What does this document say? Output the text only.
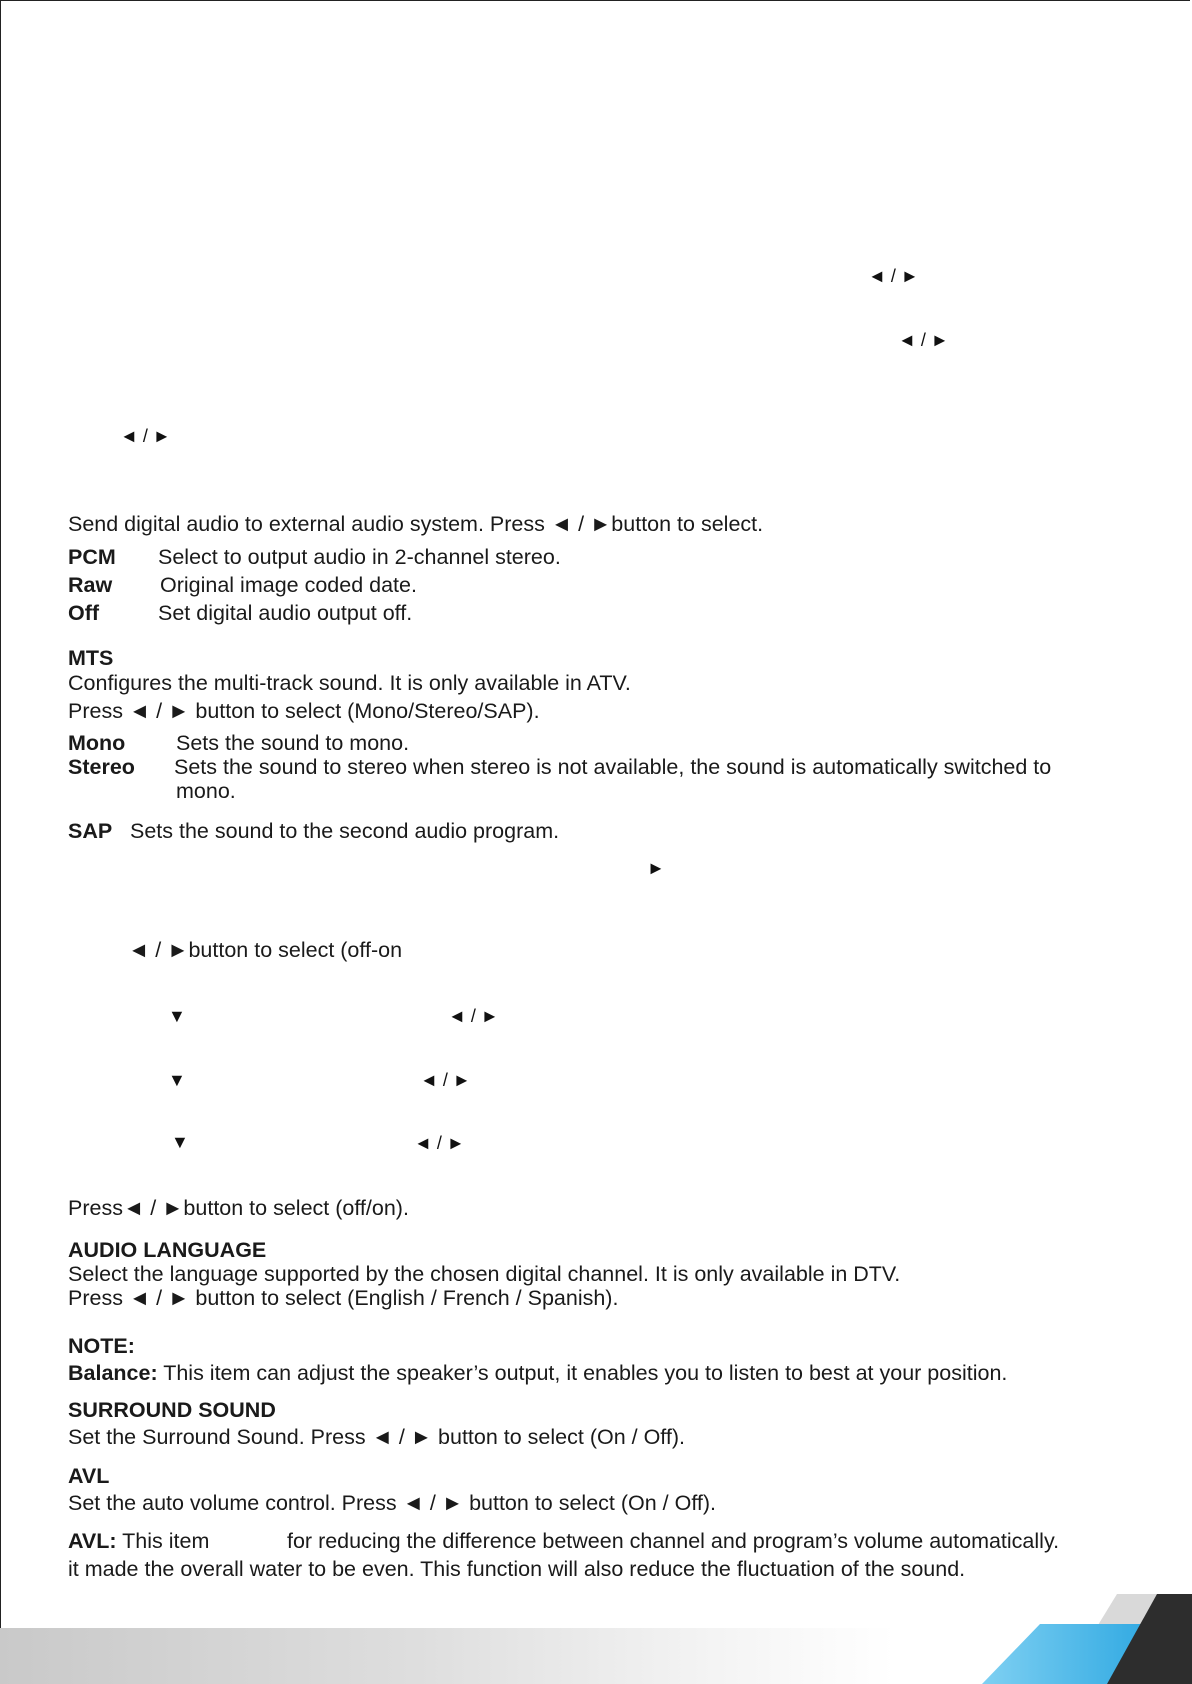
◄ / ►
◄ / ►
◄ / ►
Send digital audio to external audio system. Press ◄ / ►button to select.
PCM Select to output audio in 2-channel stereo.
Raw Original image coded date.
Off	Set digital audio output off.
MTS
Configures the multi-track sound. It is only available in ATV.
Press ◄ / ► button to select (Mono/Stereo/SAP).
Mono Sets the sound to mono.
Stereo Sets the sound to stereo when stereo is not available, the sound is automatically switched to
mono.
SAP Sets the sound to the second audio program.
►
◄ / ►button to select (off-on
▼	◄ / ►
▼	◄ / ►
▼	◄ / ►
Press◄ / ►button to select (off/on).
AUDIO LANGUAGE
Select the language supported by the chosen digital channel. It is only available in DTV.
Press ◄ / ► button to select (English / French / Spanish).
NOTE:
Balance: This item can adjust the speaker’s output, it enables you to listen to best at your position.
SURROUND SOUND
Set the Surround Sound. Press ◄ / ► button to select (On / Off).
AVL
Set the auto volume control. Press ◄ / ► button to select (On / Off).
AVL: This item	for reducing the difference between channel and program’s volume automatically.
it made the overall water to be even. This function will also reduce the fluctuation of the sound.
